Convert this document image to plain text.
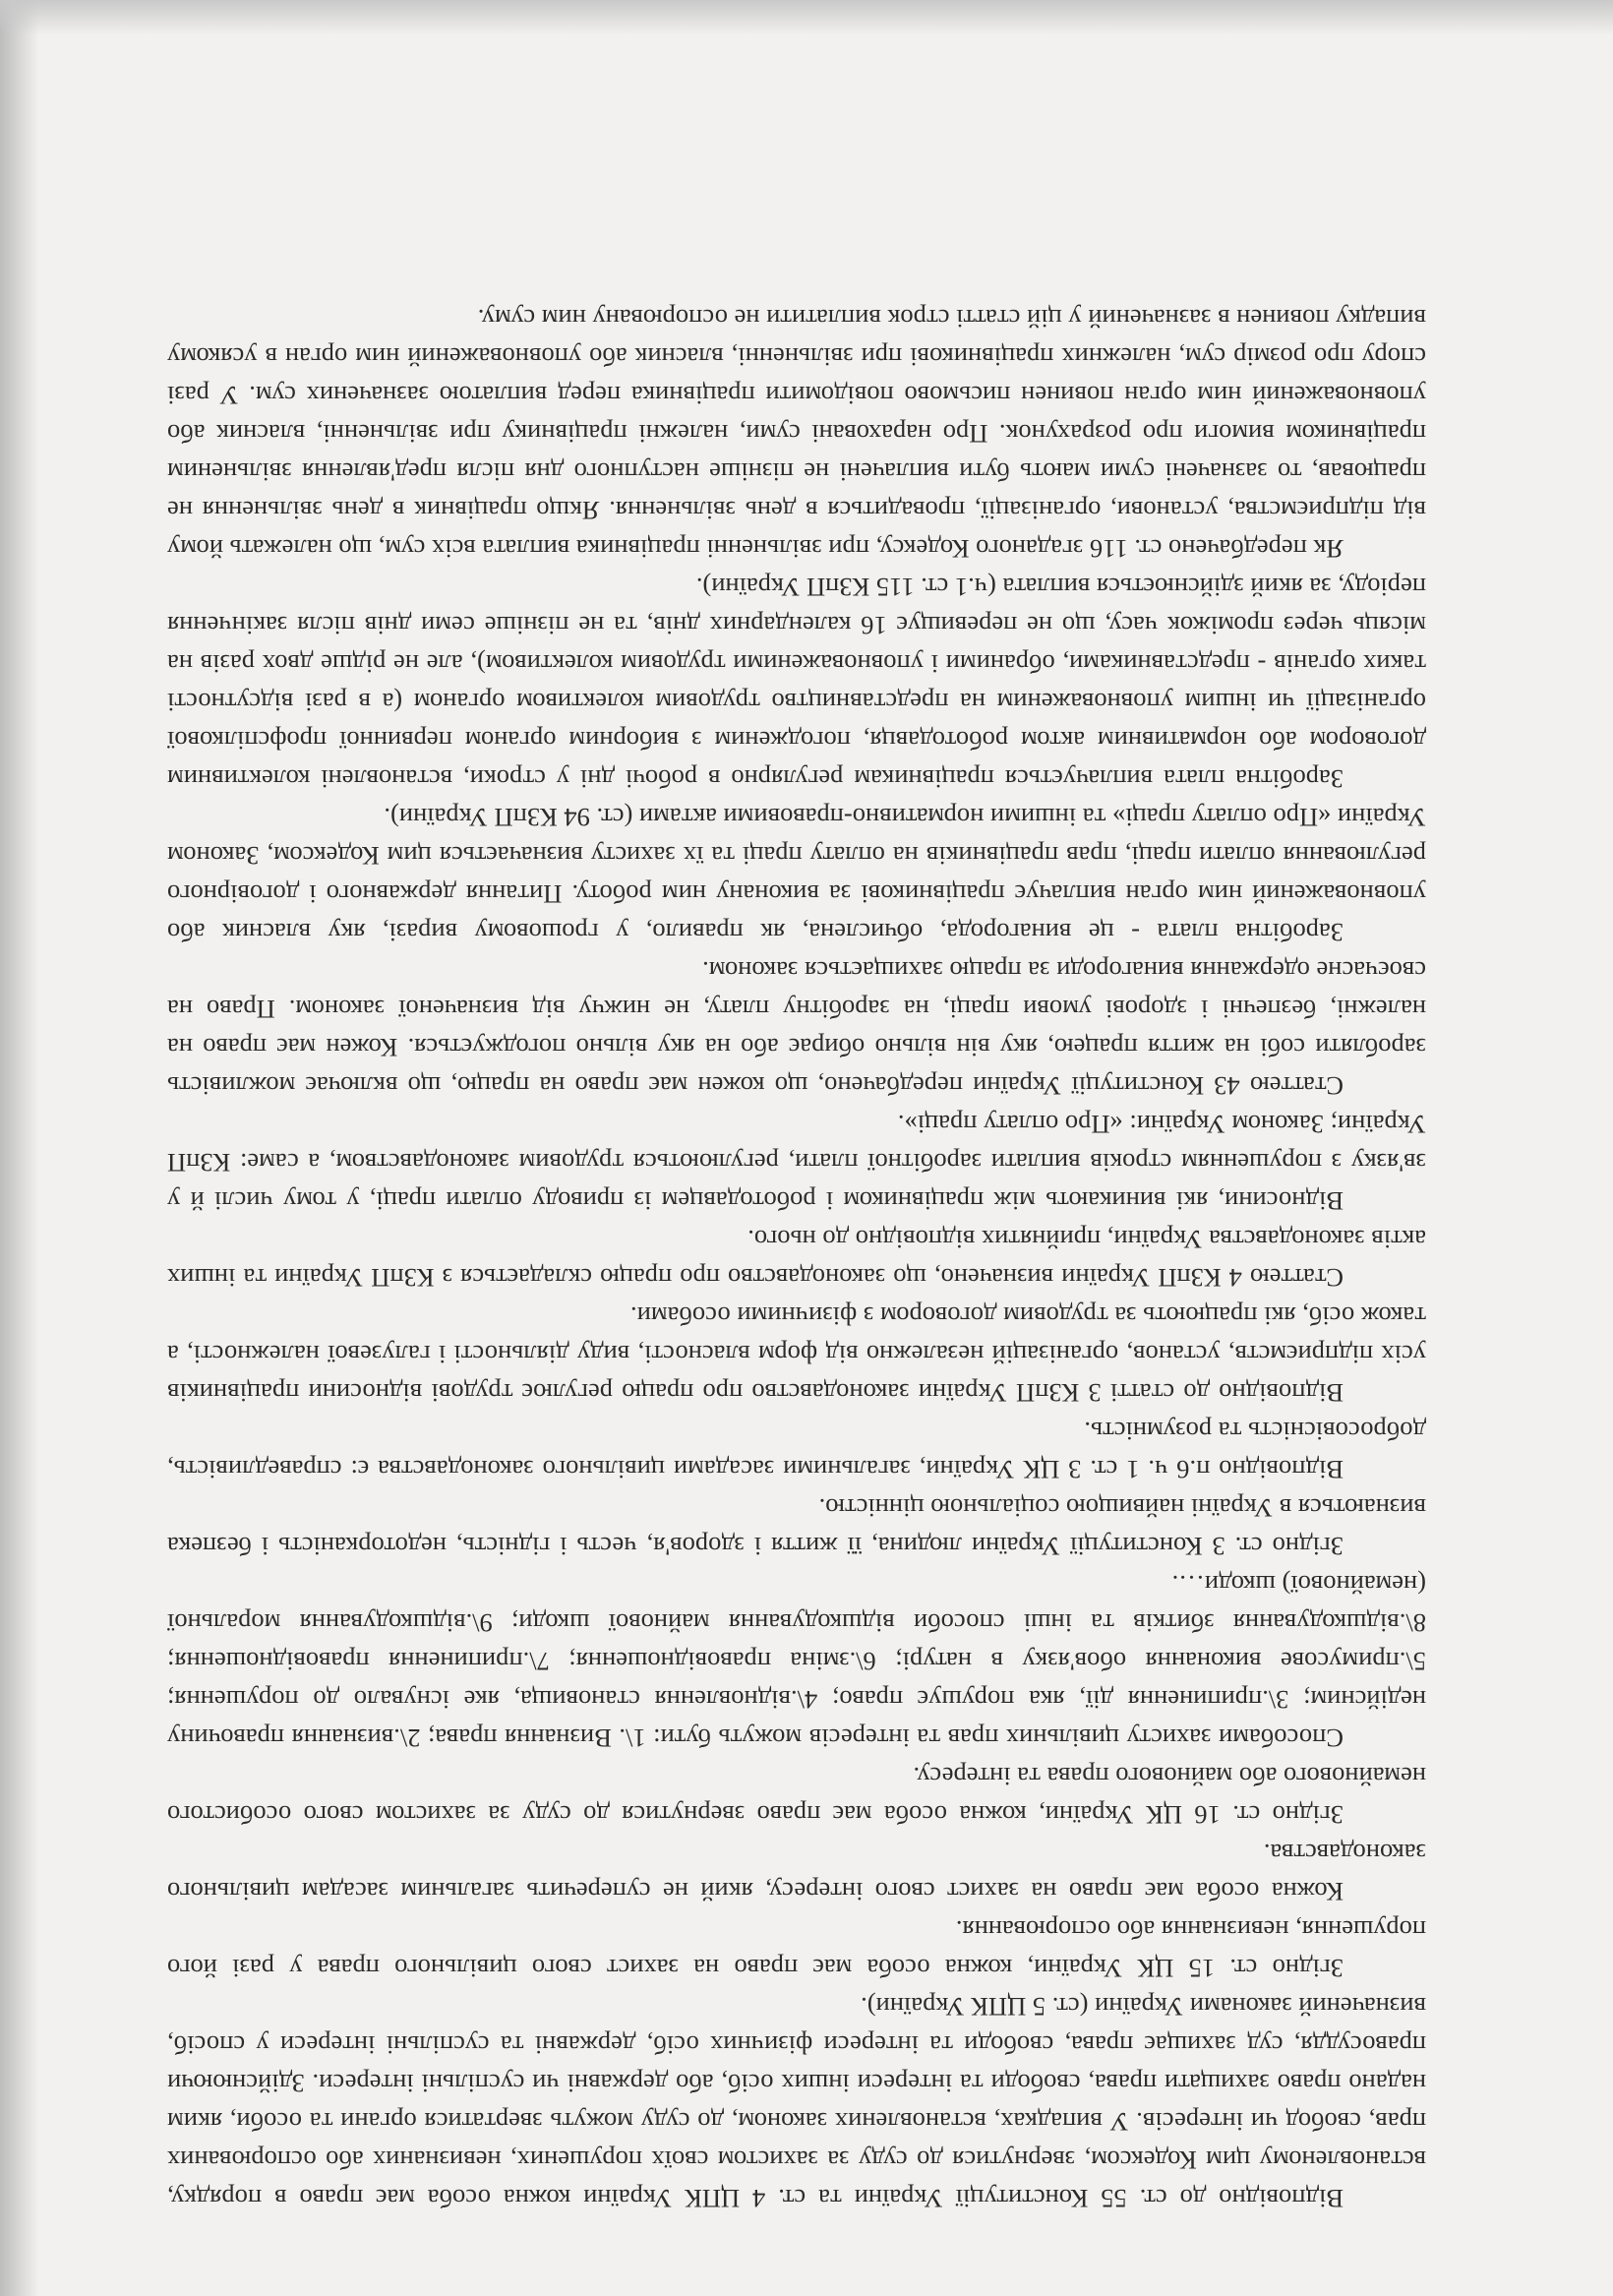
Відповідно до ст. 55 Конституції України та ст. 4 ЦПК України кожна особа має право в порядку, встановленому цим Кодексом, звернутися до суду за захистом своїх порушених, невизнаних або оспорюваних прав, свобод чи інтересів. У випадках, встановлених законом, до суду можуть звертатися органи та особи, яким надано право захищати права, свободи та інтереси інших осіб, або державні чи суспільні інтереси. Здійснюючи правосуддя, суд захищає права, свободи та інтереси фізичних осіб, державні та суспільні інтереси у спосіб, визначений законами України (ст. 5 ЦПК України).

Згідно ст. 15 ЦК України, кожна особа має право на захист свого цивільного права у разі його порушення, невизнання або оспорювання.

Кожна особа має право на захист свого інтересу, який не суперечить загальним засадам цивільного законодавства.

Згідно ст. 16 ЦК України, кожна особа має право звернутися до суду за захистом свого особистого немайнового або майнового права та інтересу.

Способами захисту цивільних прав та інтересів можуть бути: 1\. Визнання права; 2\.визнання правочину недійсним; 3\.припинення дії, яка порушує право; 4\.відновлення становища, яке існувало до порушення; 5\.примусове виконання обов'язку в натурі; 6\.зміна правовідношення; 7\.припинення правовідношення; 8\.відшкодування збитків та інші способи відшкодування майнової шкоди; 9\.відшкодування моральної (немайнової) шкоди….

Згідно ст. 3 Конституції України людина, її життя і здоров'я, честь і гідність, недоторканість і безпека визнаються в Україні найвищою соціальною цінністю.

Відповідно п.6 ч. 1 ст. 3 ЦК України, загальними засадами цивільного законодавства є: справедливість, добросовісність та розумність.

Відповідно до статті 3 КЗпП України законодавство про працю регулює трудові відносини працівників усіх підприємств, установ, організацій незалежно від форм власності, виду діяльності і галузевої належності, а також осіб, які працюють за трудовим договором з фізичними особами.

Статтею 4 КЗпП України визначено, що законодавство про працю складається з КЗпП України та інших актів законодавства України, прийнятих відповідно до нього.

Відносини, які виникають між працівником і роботодавцем із приводу оплати праці, у тому числі й у зв'язку з порушенням строків виплати заробітної плати, регулюються трудовим законодавством, а саме: КЗпП України; Законом України: «Про оплату праці».

Статтею 43 Конституції України передбачено, що кожен має право на працю, що включає можливість заробляти собі на життя працею, яку він вільно обирає або на яку вільно погоджується. Кожен має право на належні, безпечні і здорові умови праці, на заробітну плату, не нижчу від визначеної законом. Право на своєчасне одержання винагороди за працю захищається законом.

Заробітна плата - це винагорода, обчислена, як правило, у грошовому виразі, яку власник або уповноважений ним орган виплачує працівникові за виконану ним роботу. Питання державного і договірного регулювання оплати праці, прав працівників на оплату праці та їх захисту визначається цим Кодексом, Законом України «Про оплату праці» та іншими нормативно-правовими актами (ст. 94 КЗпП України).

Заробітна плата виплачується працівникам регулярно в робочі дні у строки, встановлені колективним договором або нормативним актом роботодавця, погодженим з виборним органом первинної профспілкової організації чи іншим уповноваженим на представництво трудовим колективом органом (а в разі відсутності таких органів - представниками, обраними і уповноваженими трудовим колективом), але не рідше двох разів на місяць через проміжок часу, що не перевищує 16 календарних днів, та не пізніше семи днів після закінчення періоду, за який здійснюється виплата (ч.1 ст. 115 КЗпП України).

Як передбачено ст. 116 згаданого Кодексу, при звільненні працівника виплата всіх сум, що належать йому від підприємства, установи, організації, провадиться в день звільнення. Якщо працівник в день звільнення не працював, то зазначені суми мають бути виплачені не пізніше наступного дня після пред'явлення звільненим працівником вимоги про розрахунок. Про нараховані суми, належні працівнику при звільненні, власник або уповноважений ним орган повинен письмово повідомити працівника перед виплатою зазначених сум. У разі спору про розмір сум, належних працівникові при звільненні, власник або уповноважений ним орган в усякому випадку повинен в зазначений у цій статті строк виплатити не оспорювану ним суму.
